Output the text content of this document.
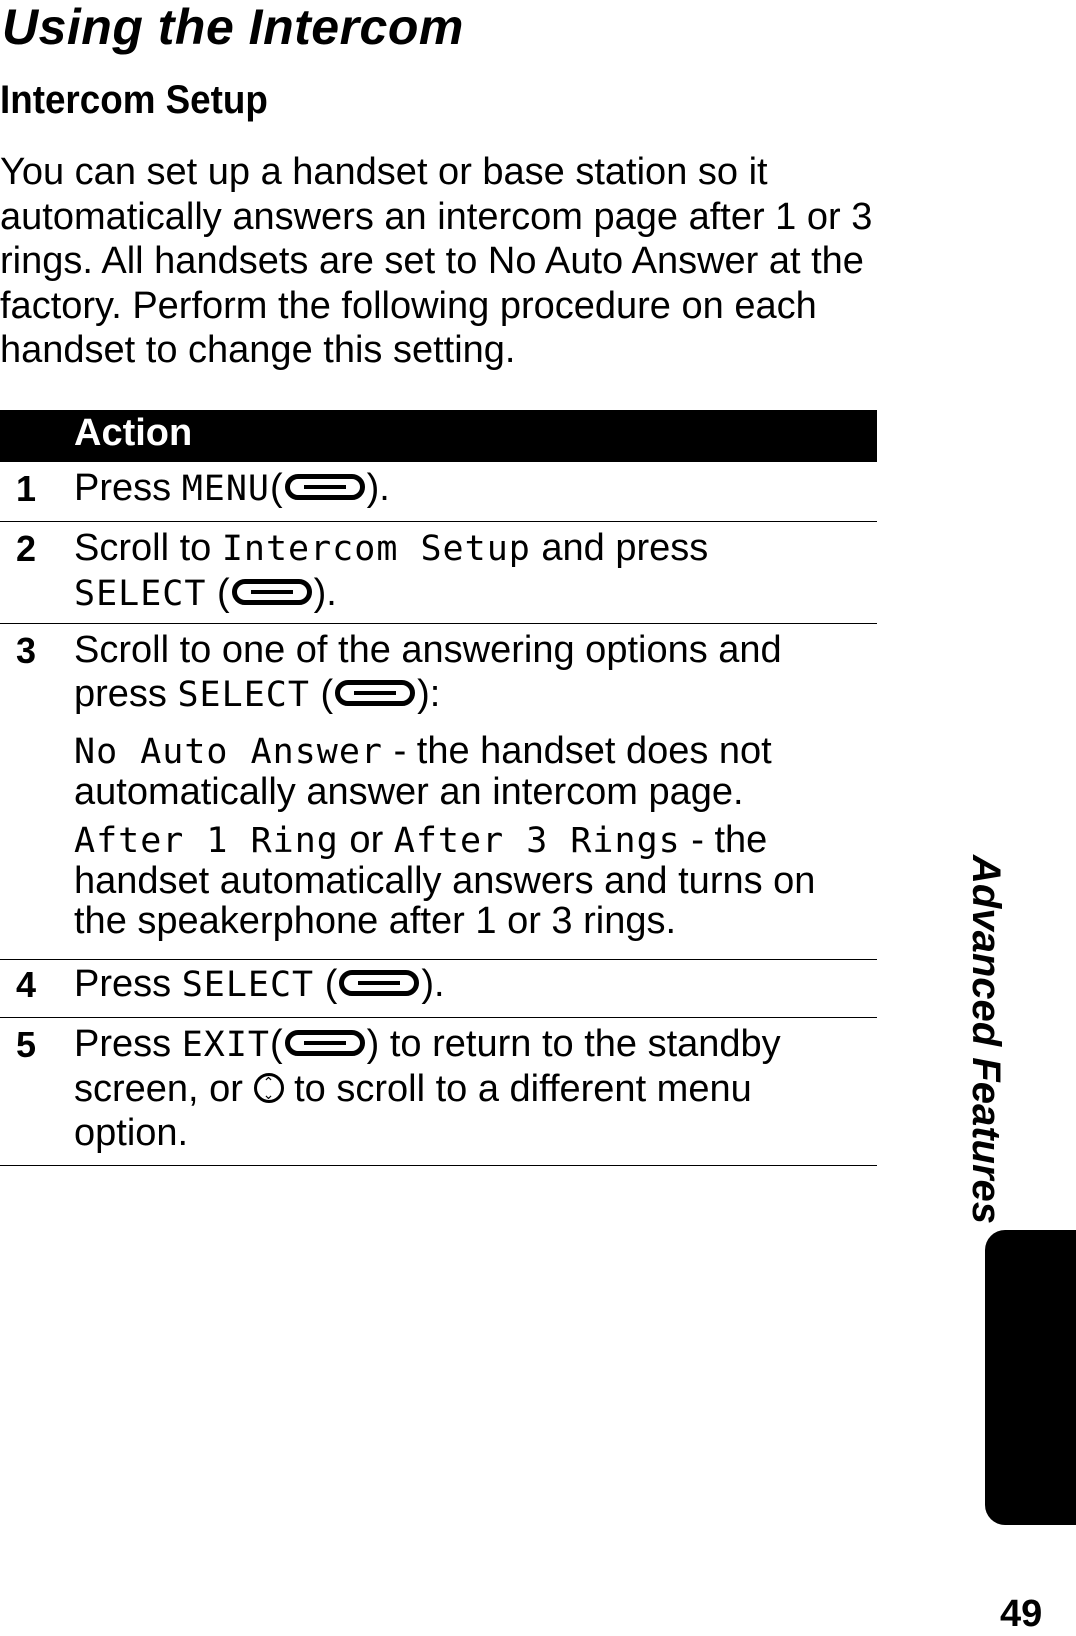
Using the Intercom
Intercom Setup

You can set up a handset or base station so it automatically answers an intercom page after 1 or 3 rings. All handsets are set to No Auto Answer at the factory. Perform the following procedure on each handset to change this setting.

Action
1 Press MENU( ).
2 Scroll to Intercom Setup and press
SELECT ( ).
3 Scroll to one of the answering options and press SELECT ( ):
No Auto Answer - the handset does not automatically answer an intercom page.
After 1 Ring or After 3 Rings - the handset automatically answers and turns on the speakerphone after 1 or 3 rings.
4 Press SELECT ( ).
5 Press EXIT( ) to return to the standby screen, or ⌃
⌄ to scroll to a different menu option.	Advanced Features
49
